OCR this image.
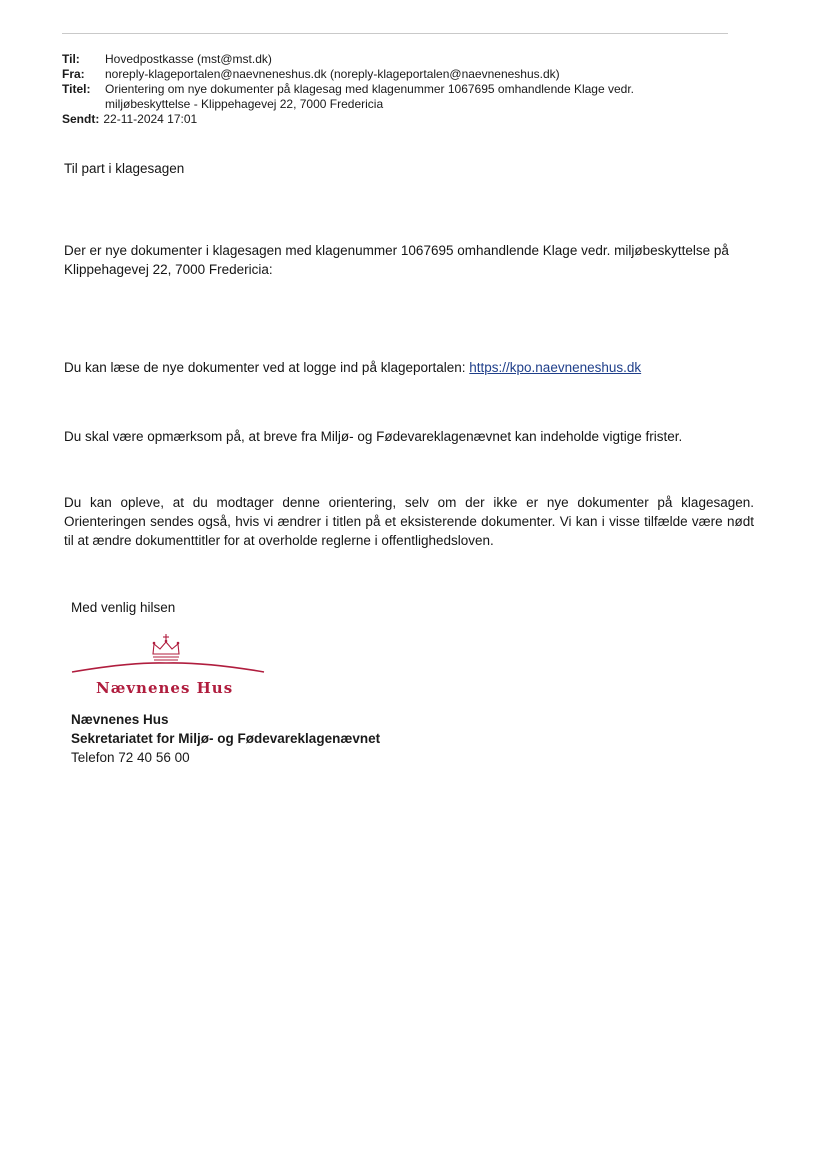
Til:	Hovedpostkasse (mst@mst.dk)
Fra:	noreply-klageportalen@naevneneshus.dk (noreply-klageportalen@naevneneshus.dk)
Titel:	Orientering om nye dokumenter på klagesag med klagenummer 1067695 omhandlende Klage vedr.
miljøbeskyttelse - Klippehagevej 22, 7000 Fredericia
Sendt: 22-11-2024 17:01
Til part i klagesagen
Der er nye dokumenter i klagesagen med klagenummer 1067695 omhandlende Klage vedr. miljøbeskyttelse på Klippehagevej 22, 7000 Fredericia:
Du kan læse de nye dokumenter ved at logge ind på klageportalen: https://kpo.naevneneshus.dk
Du skal være opmærksom på, at breve fra Miljø- og Fødevareklagenævnet kan indeholde vigtige frister.
Du kan opleve, at du modtager denne orientering, selv om der ikke er nye dokumenter på klagesagen. Orienteringen sendes også, hvis vi ændrer i titlen på et eksisterende dokumenter. Vi kan i visse tilfælde være nødt til at ændre dokumenttitler for at overholde reglerne i offentlighedsloven.
Med venlig hilsen
Nævnenes Hus
Nævnenes Hus
Sekretariatet for Miljø- og Fødevareklagenævnet
Telefon 72 40 56 00
